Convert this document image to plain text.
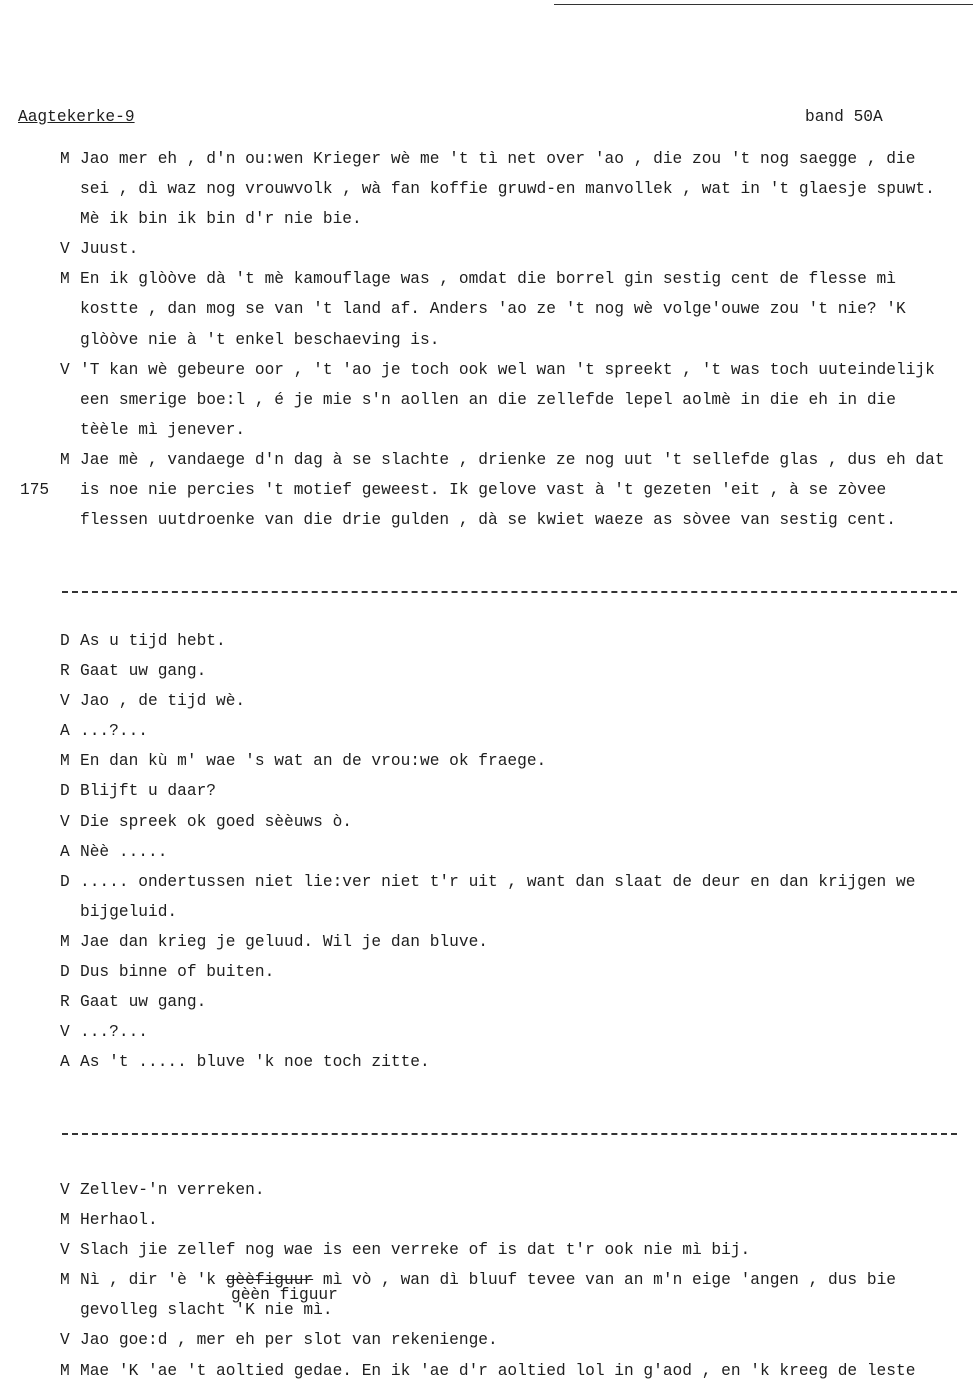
Aagtekerke-9	band 50A
M Jao mer eh , d'n ou:wen Krieger wè me 't tì net over 'ao , die zou 't nog saegge , die
sei , dì waz nog vrouwvolk , wà fan koffie gruwd-en manvollek , wat in 't glaesje spuwt.
Mè ik bin ik bin d'r nie bie.
V Juust.
M En ik glòòve dà 't mè kamouflage was , omdat die borrel gin sestig cent de flesse mì
kostte , dan mog se van 't land af. Anders 'ao ze 't nog wè volge'ouwe zou 't nie? 'K
glòòve nie à 't enkel beschaeving is.
V 'T kan wè gebeure oor , 't 'ao je toch ook wel wan 't spreekt , 't was toch uuteindelijk
een smerige boe:l , é je mie s'n aollen an die zellefde lepel aolmè in die eh in die
tèèle mì jenever.
M Jae mè , vandaege d'n dag à se slachte , drienke ze nog uut 't sellefde glas , dus eh dat
175 is noe nie percies 't motief geweest. Ik gelove vast à 't gezeten 'eit , à se zòvee
flessen uutdroenke van die drie gulden , dà se kwiet waeze as sòvee van sestig cent.
D As u tijd hebt.
R Gaat uw gang.
V Jao , de tijd wè.
A ...?...
M En dan kù m' wae 's wat an de vrou:we ok fraege.
D Blijft u daar?
V Die spreek ok goed sèèuws ò.
A Nèè .....
D ..... ondertussen niet lie:ver niet t'r uit , want dan slaat de deur en dan krijgen we
bijgeluid.
M Jae dan krieg je geluud. Wil je dan bluve.
D Dus binne of buiten.
R Gaat uw gang.
V ...?...
A As 't ..... bluve 'k noe toch zitte.
V Zellev-'n verreken.
M Herhaol.
V Slach jie zellef nog wae is een verreke of is dat t'r ook nie mì bij.
M Nì , dir 'è 'k gèèfiguur mì vò , wan dì bluuf tevee van an m'n eige 'angen , dus bie
gevolleg slacht 'K nie mì.
V Jao goe:d , mer eh per slot van rekenienge.
M Mae 'K 'ae 't aoltied gedae. En ik 'ae d'r aoltied lol in g'aod , en 'k kreeg de leste
gèèn figuur
